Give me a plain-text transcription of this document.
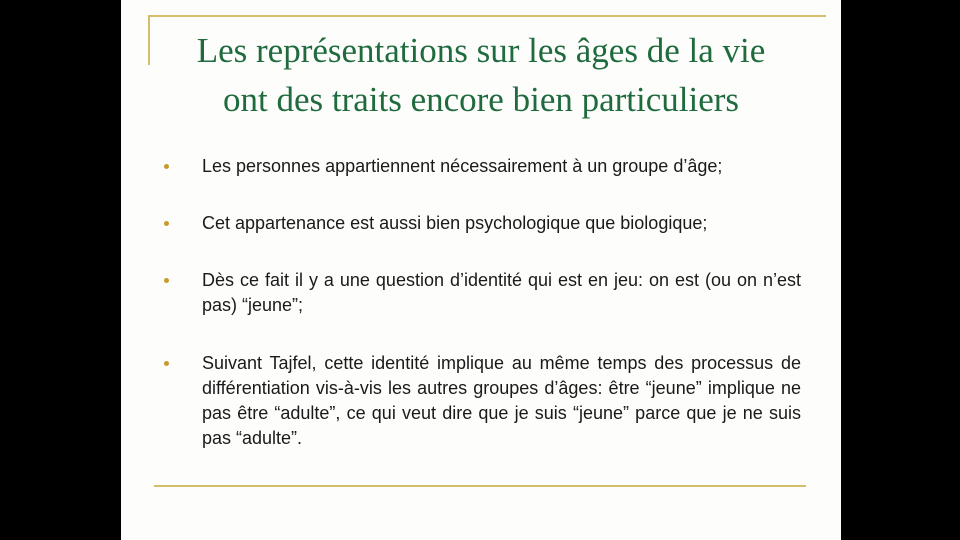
Les représentations sur les âges de la vie
ont des traits encore bien particuliers
Les personnes appartiennent nécessairement à un groupe d’âge;
Cet appartenance est aussi bien psychologique que biologique;
Dès ce fait il y a une question d’identité qui est en jeu: on est (ou on n’est pas) “jeune”;
Suivant Tajfel, cette identité implique au même temps des processus de différentiation vis-à-vis les autres groupes d’âges: être “jeune” implique ne pas être “adulte”, ce qui veut dire que je suis “jeune” parce que je ne suis pas “adulte”.
